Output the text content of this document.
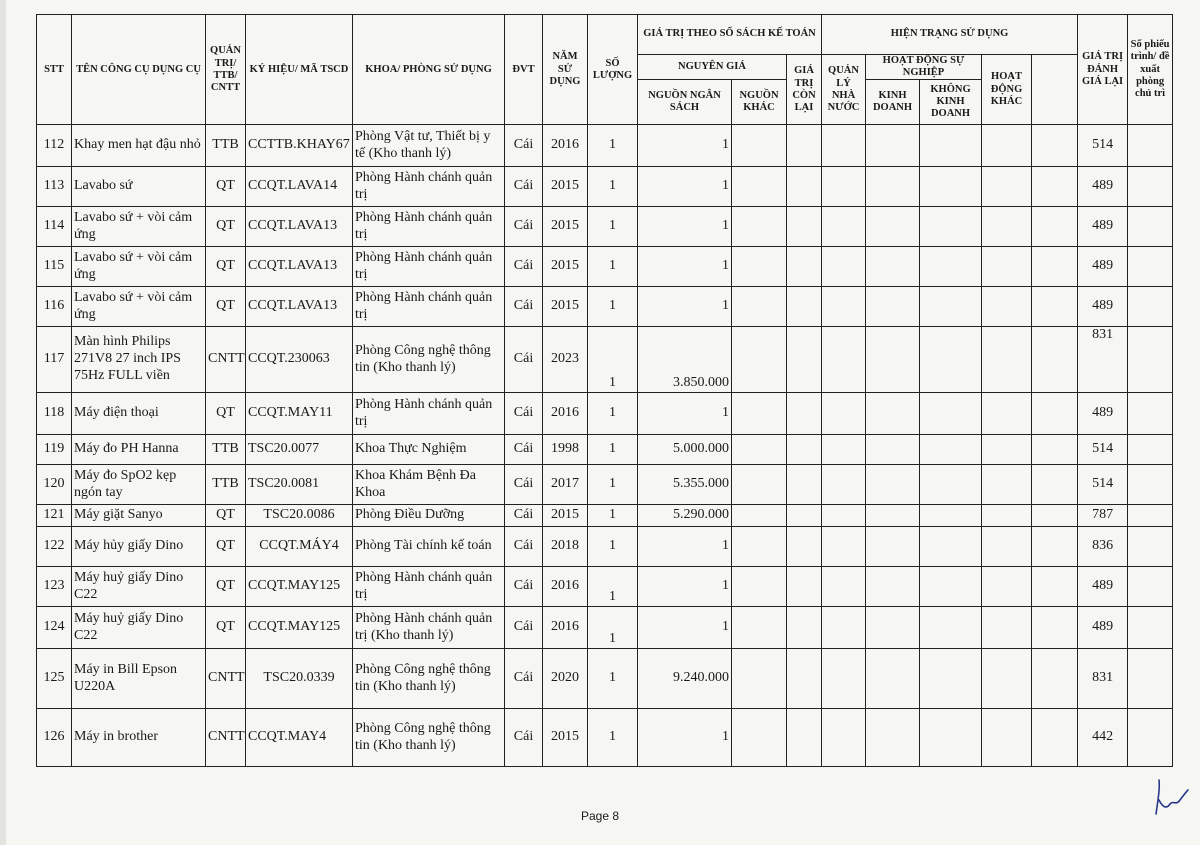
STT	TÊN CÔNG CỤ DỤNG CỤ	QUẢN TRỊ/ TTB/ CNTT	KÝ HIỆU/ MÃ TSCD	KHOA/ PHÒNG SỬ DỤNG	ĐVT	NĂM SỬ DỤNG	SỐ LƯỢNG	GIÁ TRỊ THEO SỔ SÁCH KẾ TOÁN			HIỆN TRẠNG SỬ DỤNG					GIÁ TRỊ ĐÁNH GIÁ LẠI	Số phiếu trình/ đề xuất phòng chủ trì	
								NGUYÊN GIÁ		GIÁ TRỊ CÒN LẠI	QUẢN LÝ NHÀ NƯỚC	HOẠT ĐỘNG SỰ NGHIỆP		HOẠT ĐỘNG KHÁC				
								NGUỒN NGÂN SÁCH	NGUỒN KHÁC			KINH DOANH	KHÔNG KINH DOANH					
112	Khay men hạt đậu nhỏ	TTB	CCTTB.KHAY67	Phòng Vật tư, Thiết bị y tế (Kho thanh lý)	Cái	2016	1	1								514		
113	Lavabo sứ	QT	CCQT.LAVA14	Phòng Hành chánh quản trị	Cái	2015	1	1								489		
114	Lavabo sứ + vòi cảm ứng	QT	CCQT.LAVA13	Phòng Hành chánh quản trị	Cái	2015	1	1								489		
115	Lavabo sứ + vòi cảm ứng	QT	CCQT.LAVA13	Phòng Hành chánh quản trị	Cái	2015	1	1								489		
116	Lavabo sứ + vòi cảm ứng	QT	CCQT.LAVA13	Phòng Hành chánh quản trị	Cái	2015	1	1								489		
117	Màn hình Philips 271V8 27 inch IPS 75Hz FULL viền	CNTT	CCQT.230063	Phòng Công nghệ thông tin (Kho thanh lý)	Cái	2023	1	3.850.000								831		
118	Máy điện thoại	QT	CCQT.MAY11	Phòng Hành chánh quản trị	Cái	2016	1	1								489		
119	Máy đo PH Hanna	TTB	TSC20.0077	Khoa Thực Nghiệm	Cái	1998	1	5.000.000								514		
120	Máy đo SpO2 kẹp ngón tay	TTB	TSC20.0081	Khoa Khám Bệnh Đa Khoa	Cái	2017	1	5.355.000								514		
121	Máy giặt Sanyo	QT	TSC20.0086	Phòng Điều Dưỡng	Cái	2015	1	5.290.000								787		
122	Máy hủy giấy Dino	QT	CCQT.MÁY4	Phòng Tài chính kế toán	Cái	2018	1	1								836		
123	Máy huỷ giấy Dino C22	QT	CCQT.MAY125	Phòng Hành chánh quản trị	Cái	2016	1	1								489		
124	Máy huỷ giấy Dino C22	QT	CCQT.MAY125	Phòng Hành chánh quản trị (Kho thanh lý)	Cái	2016	1	1								489		
125	Máy in Bill Epson U220A	CNTT	TSC20.0339	Phòng Công nghệ thông tin (Kho thanh lý)	Cái	2020	1	9.240.000								831		
126	Máy in brother	CNTT	CCQT.MAY4	Phòng Công nghệ thông tin (Kho thanh lý)	Cái	2015	1	1								442		
Page 8
